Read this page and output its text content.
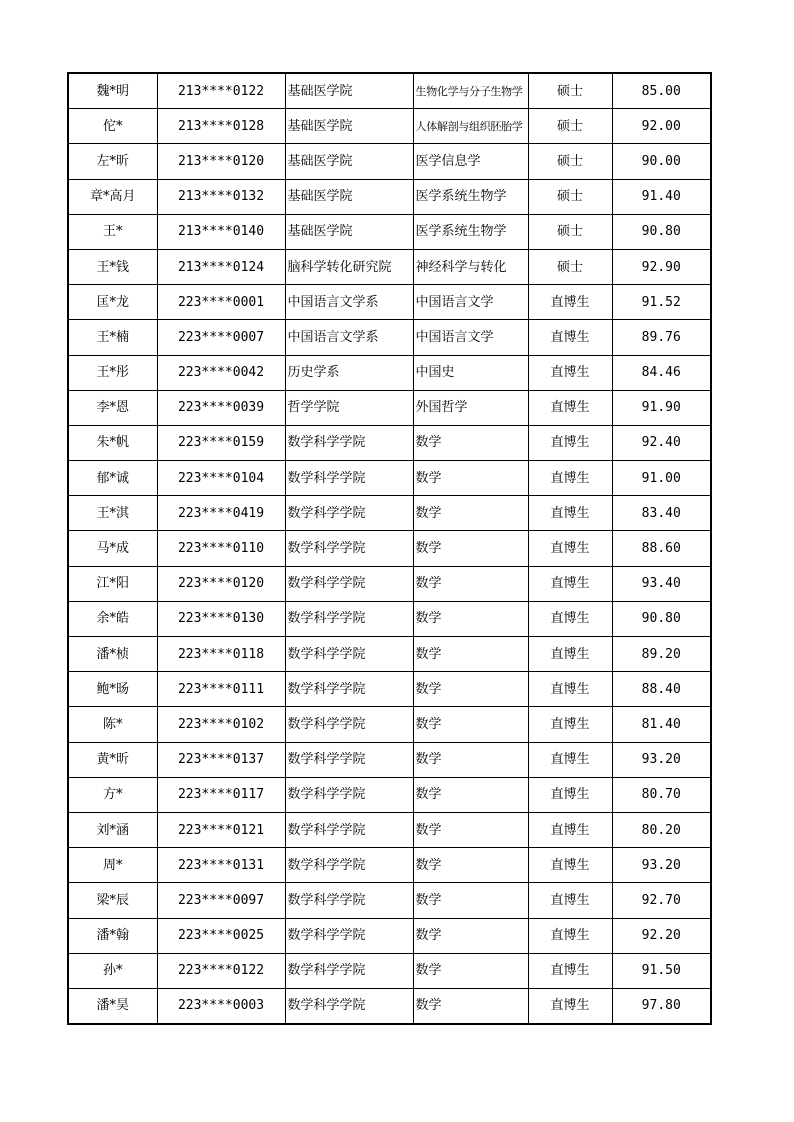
魏*明	213****0122	基础医学院	生物化学与分子生物学	硕士	85.00
佗*	213****0128	基础医学院	人体解剖与组织胚胎学	硕士	92.00
左*昕	213****0120	基础医学院	医学信息学	硕士	90.00
章*高月	213****0132	基础医学院	医学系统生物学	硕士	91.40
王*	213****0140	基础医学院	医学系统生物学	硕士	90.80
王*钱	213****0124	脑科学转化研究院	神经科学与转化	硕士	92.90
匡*龙	223****0001	中国语言文学系	中国语言文学	直博生	91.52
王*楠	223****0007	中国语言文学系	中国语言文学	直博生	89.76
王*彤	223****0042	历史学系	中国史	直博生	84.46
李*恩	223****0039	哲学学院	外国哲学	直博生	91.90
朱*帆	223****0159	数学科学学院	数学	直博生	92.40
郁*诚	223****0104	数学科学学院	数学	直博生	91.00
王*淇	223****0419	数学科学学院	数学	直博生	83.40
马*成	223****0110	数学科学学院	数学	直博生	88.60
江*阳	223****0120	数学科学学院	数学	直博生	93.40
余*皓	223****0130	数学科学学院	数学	直博生	90.80
潘*桢	223****0118	数学科学学院	数学	直博生	89.20
鲍*旸	223****0111	数学科学学院	数学	直博生	88.40
陈*	223****0102	数学科学学院	数学	直博生	81.40
黄*昕	223****0137	数学科学学院	数学	直博生	93.20
方*	223****0117	数学科学学院	数学	直博生	80.70
刘*涵	223****0121	数学科学学院	数学	直博生	80.20
周*	223****0131	数学科学学院	数学	直博生	93.20
梁*辰	223****0097	数学科学学院	数学	直博生	92.70
潘*翰	223****0025	数学科学学院	数学	直博生	92.20
孙*	223****0122	数学科学学院	数学	直博生	91.50
潘*昊	223****0003	数学科学学院	数学	直博生	97.80
